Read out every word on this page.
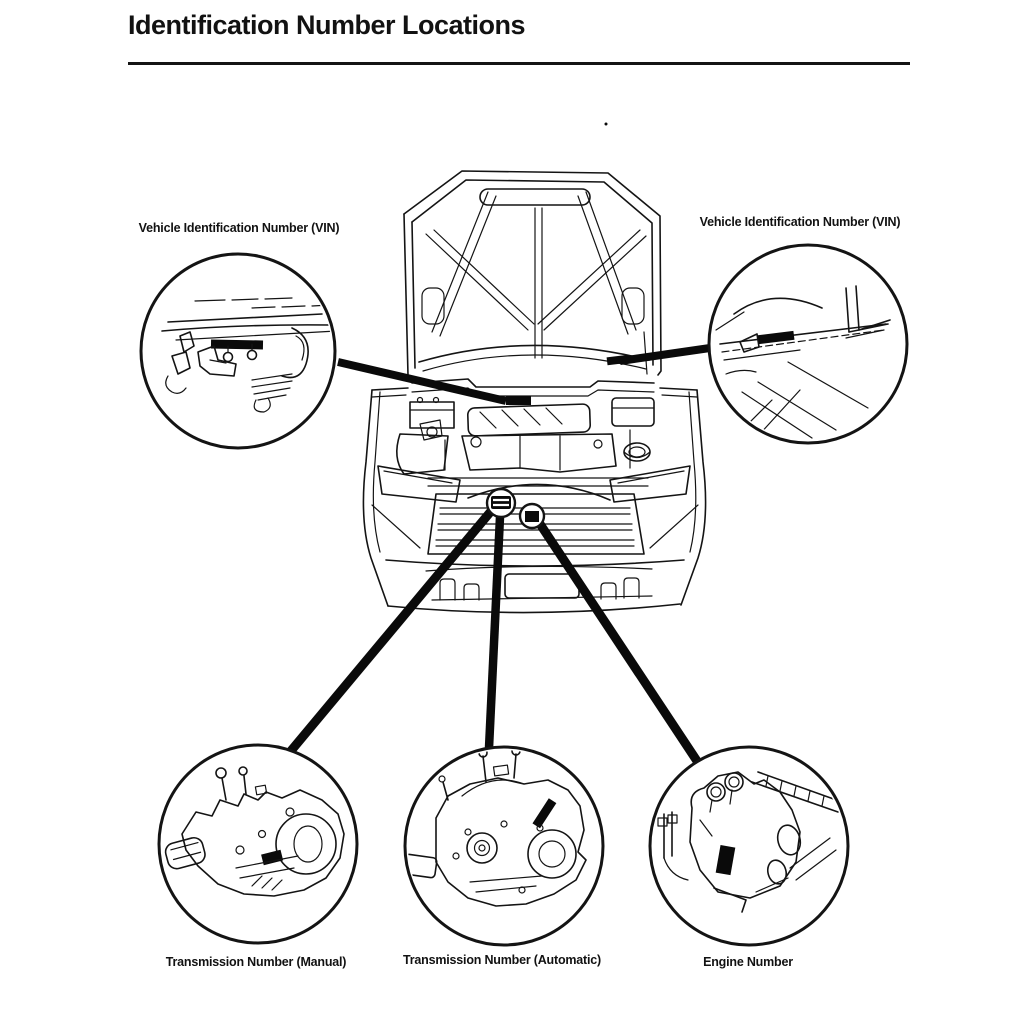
Identification Number Locations
Vehicle Identification Number (VIN)	Vehicle Identification Number (VIN)
Transmission Number (Manual)	Transmission Number (Automatic)	Engine Number
